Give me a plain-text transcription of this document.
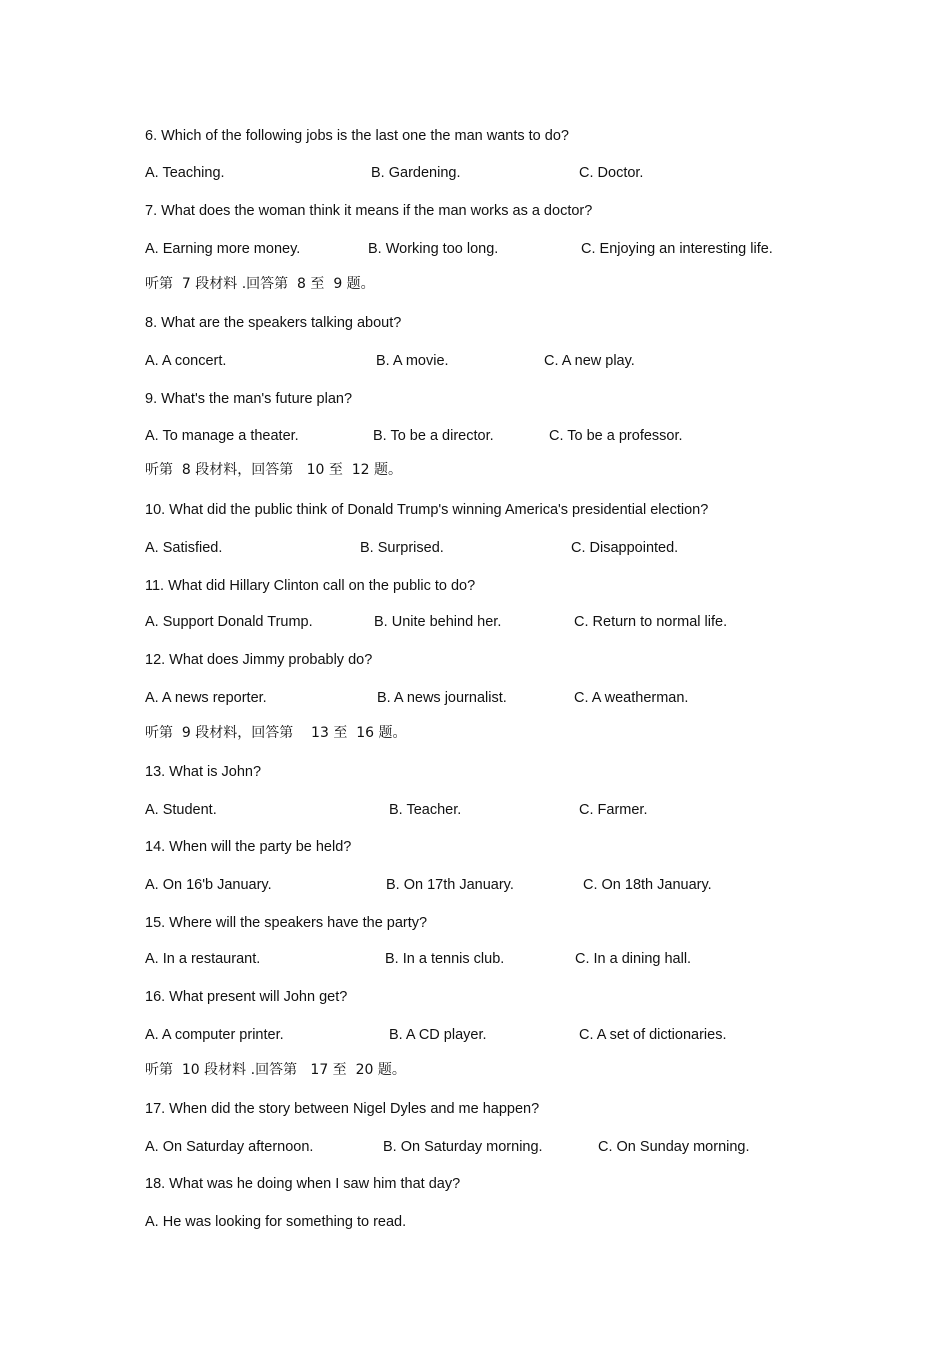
6. Which of the following jobs is the last one the man wants to do?
A. Teaching.	B. Gardening.	C. Doctor.
7. What does the woman think it means if the man works as a doctor?
A. Earning more money.	B. Working too long.	C. Enjoying an interesting life.
听第  7 段材料 .回答第  8 至  9 题。
8. What are the speakers talking about?
A. A concert.	B. A movie.	C. A new play.
9. What's the man's future plan?
A. To manage a theater.	B. To be a director.	C. To be a professor.
听第  8 段材料，回答第   10 至  12 题。
10. What did the public think of Donald Trump's winning America's presidential election?
A. Satisfied.	B. Surprised.	C. Disappointed.
11. What did Hillary Clinton call on the public to do?
A. Support Donald Trump.	B. Unite behind her.	C. Return to normal life.
12. What does Jimmy probably do?
A. A news reporter.	B. A news journalist.	C. A weatherman.
听第  9 段材料，回答第    13 至  16 题。
13. What is John?
A. Student.	B. Teacher.	C. Farmer.
14. When will the party be held?
A. On 16'b January.	B. On 17th January.	C. On 18th January.
15. Where will the speakers have the party?
A. In a restaurant.	B. In a tennis club.	C. In a dining hall.
16. What present will John get?
A. A computer printer.	B. A CD player.	C. A set of dictionaries.
听第  10 段材料 .回答第   17 至  20 题。
17. When did the story between Nigel Dyles and me happen?
A. On Saturday afternoon.	B. On Saturday morning.	C. On Sunday morning.
18. What was he doing when I saw him that day?
A. He was looking for something to read.
